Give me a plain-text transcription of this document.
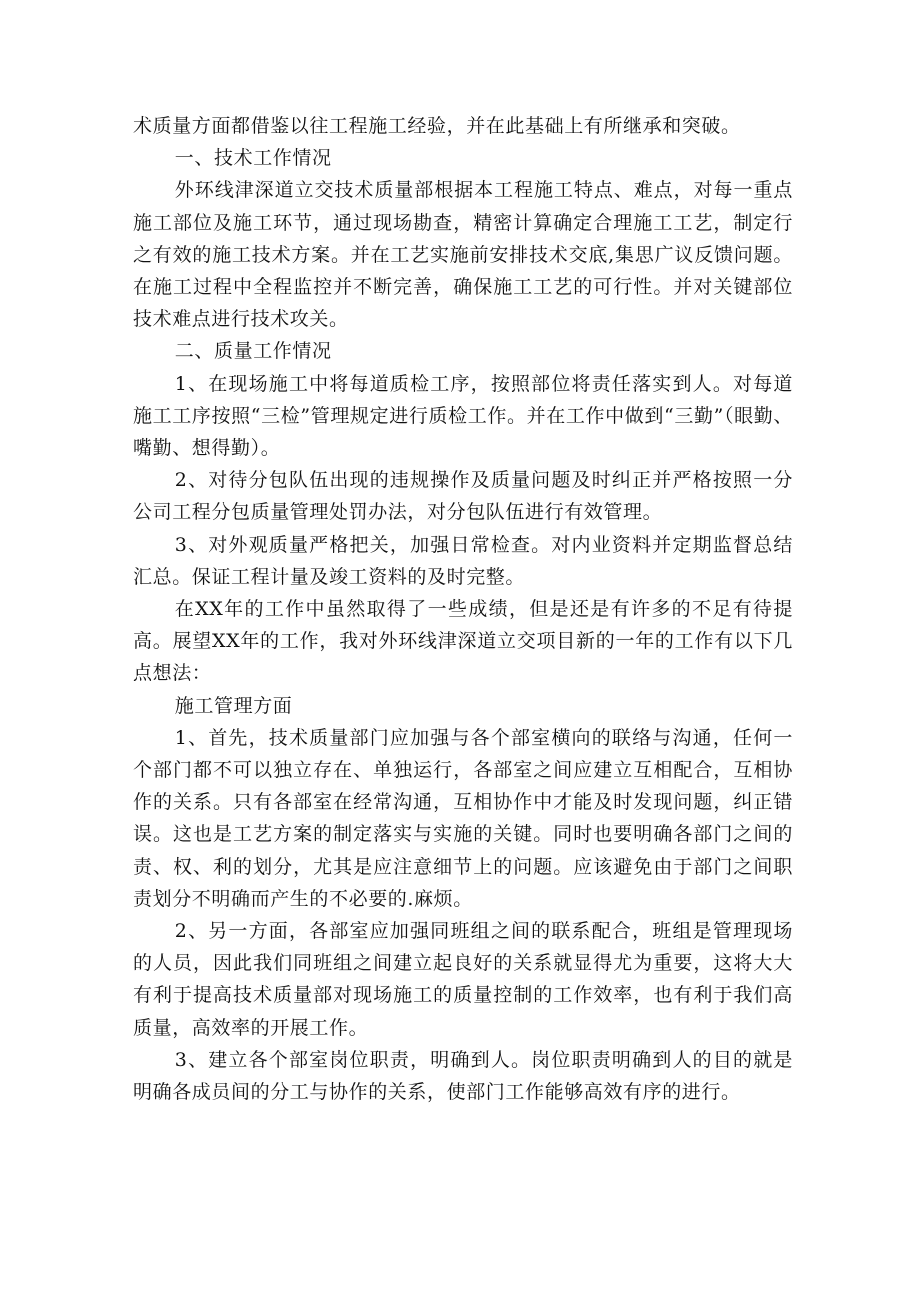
术质量方面都借鉴以往工程施工经验，并在此基础上有所继承和突破。

一、技术工作情况

外环线津深道立交技术质量部根据本工程施工特点、难点，对每一重点施工部位及施工环节，通过现场勘查，精密计算确定合理施工工艺，制定行之有效的施工技术方案。并在工艺实施前安排技术交底,集思广议反馈问题。在施工过程中全程监控并不断完善，确保施工工艺的可行性。并对关键部位技术难点进行技术攻关。

二、质量工作情况

1、在现场施工中将每道质检工序，按照部位将责任落实到人。对每道施工工序按照“三检”管理规定进行质检工作。并在工作中做到“三勤”（眼勤、嘴勤、想得勤）。

2、对待分包队伍出现的违规操作及质量问题及时纠正并严格按照一分公司工程分包质量管理处罚办法，对分包队伍进行有效管理。

3、对外观质量严格把关，加强日常检查。对内业资料并定期监督总结汇总。保证工程计量及竣工资料的及时完整。

在XX年的工作中虽然取得了一些成绩，但是还是有许多的不足有待提高。展望XX年的工作，我对外环线津深道立交项目新的一年的工作有以下几点想法：

施工管理方面

1、首先，技术质量部门应加强与各个部室横向的联络与沟通，任何一个部门都不可以独立存在、单独运行，各部室之间应建立互相配合，互相协作的关系。只有各部室在经常沟通，互相协作中才能及时发现问题，纠正错误。这也是工艺方案的制定落实与实施的关键。同时也要明确各部门之间的责、权、利的划分，尤其是应注意细节上的问题。应该避免由于部门之间职责划分不明确而产生的不必要的.麻烦。

2、另一方面，各部室应加强同班组之间的联系配合，班组是管理现场的人员，因此我们同班组之间建立起良好的关系就显得尤为重要，这将大大有利于提高技术质量部对现场施工的质量控制的工作效率，也有利于我们高质量，高效率的开展工作。

3、建立各个部室岗位职责，明确到人。岗位职责明确到人的目的就是明确各成员间的分工与协作的关系，使部门工作能够高效有序的进行。
